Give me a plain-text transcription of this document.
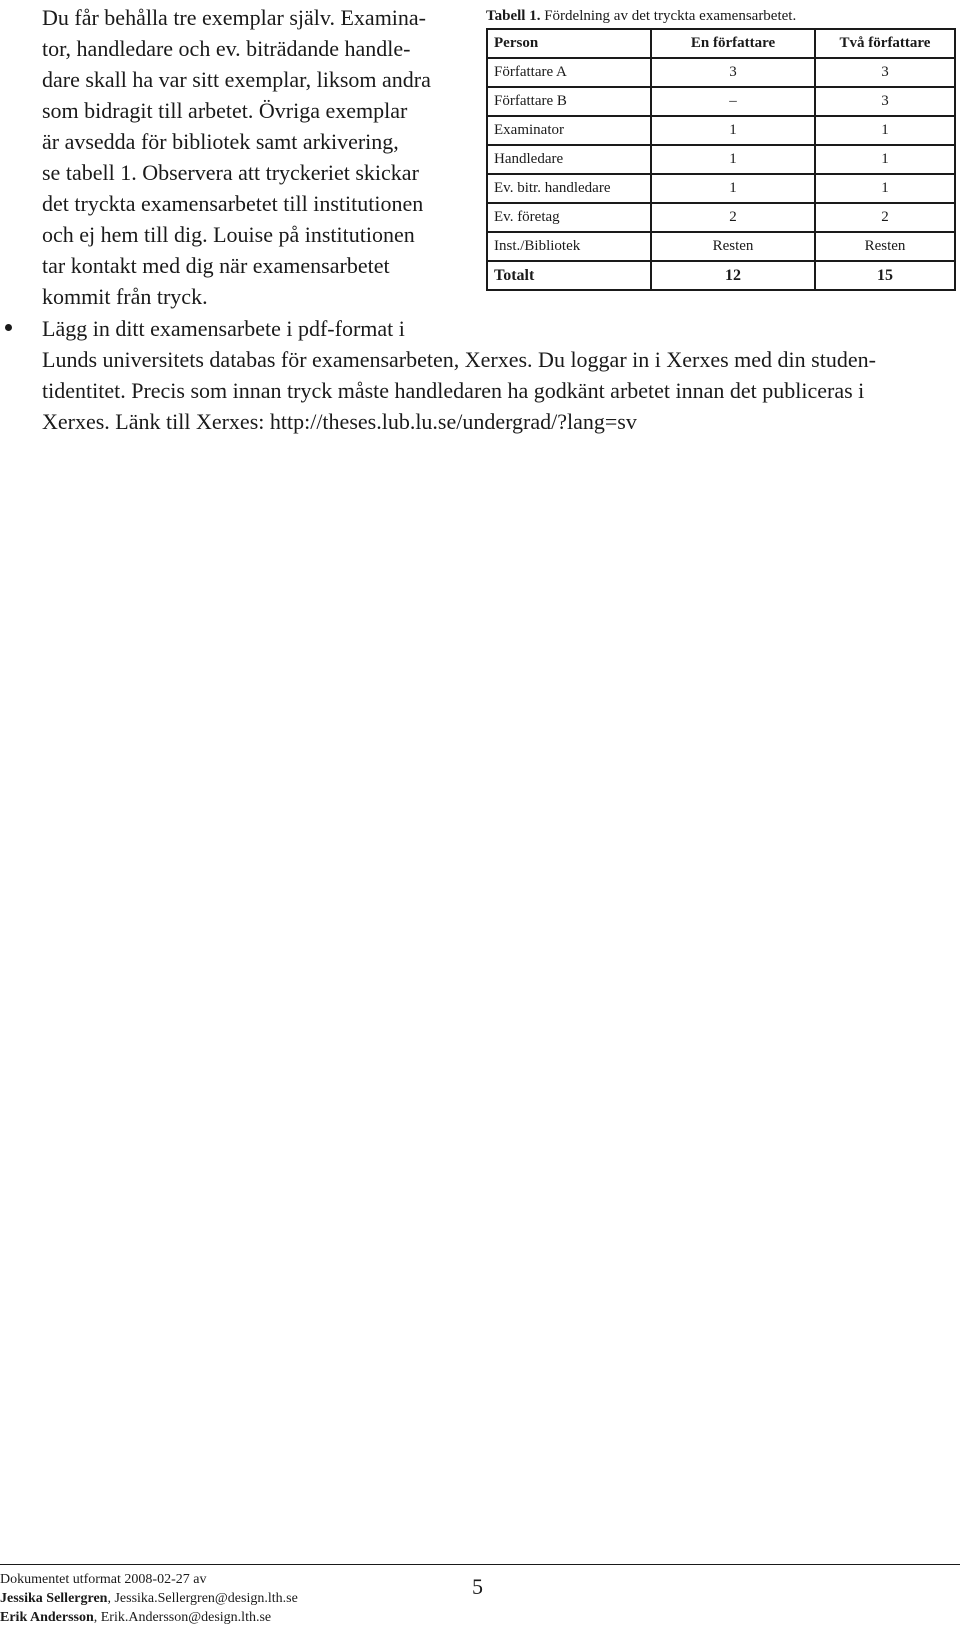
Du får behålla tre exemplar själv. Examina-
tor, handledare och ev. biträdande handle-
dare skall ha var sitt exemplar, liksom andra
som bidragit till arbetet. Övriga exemplar
är avsedda för bibliotek samt arkivering,
se tabell 1. Observera att tryckeriet skickar
det tryckta examensarbetet till institutionen
och ej hem till dig. Louise på institutionen
tar kontakt med dig när examensarbetet
kommit från tryck.
Tabell 1. Fördelning av det tryckta examensarbetet.
Person	En författare	Två författare
Författare A	3	3
Författare B	–	3
Examinator	1	1
Handledare	1	1
Ev. bitr. handledare	1	1
Ev. företag	2	2
Inst./Bibliotek	Resten	Resten
Totalt	12	15
Lägg in ditt examensarbete i pdf-format i
Lunds universitets databas för examensarbeten, Xerxes. Du loggar in i Xerxes med din studen-
tidentitet. Precis som innan tryck måste handledaren ha godkänt arbetet innan det publiceras i
Xerxes. Länk till Xerxes: http://theses.lub.lu.se/undergrad/?lang=sv
Dokumentet utformat 2008-02-27 av
Jessika Sellergren, Jessika.Sellergren@design.lth.se
Erik Andersson, Erik.Andersson@design.lth.se
5
